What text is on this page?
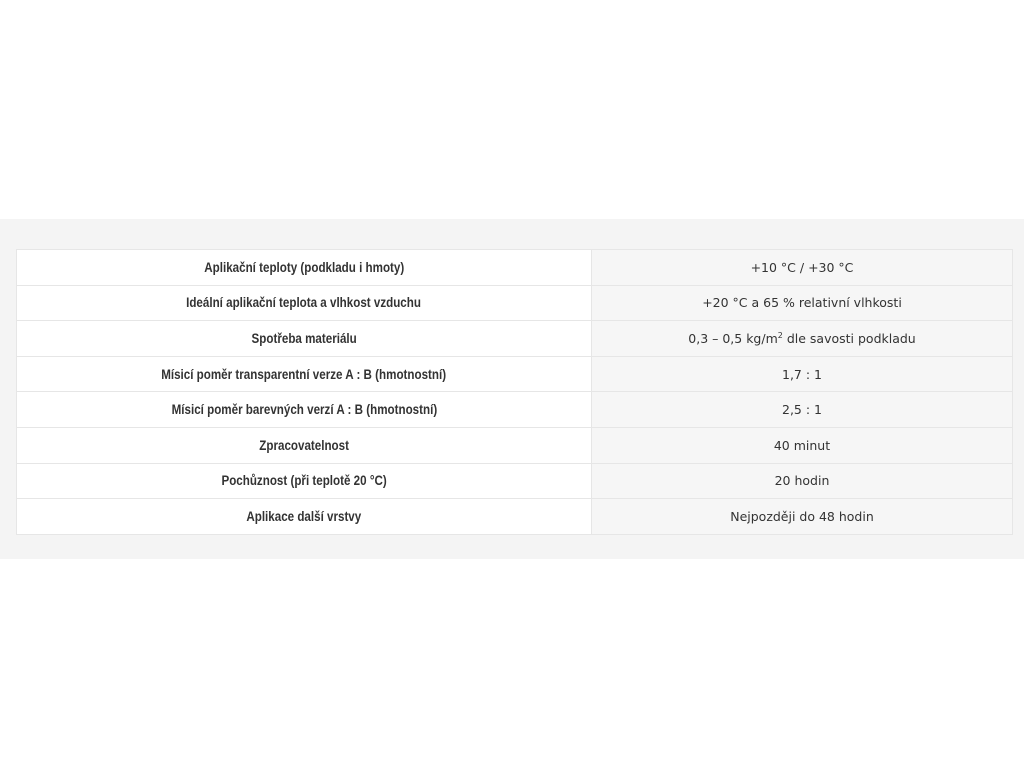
Aplikační teploty (podkladu i hmoty)	+10 °C / +30 °C
Ideální aplikační teplota a vlhkost vzduchu	+20 °C a 65 % relativní vlhkosti
Spotřeba materiálu	0,3 – 0,5 $kg/m^2$ dle savosti podkladu
Mísicí poměr transparentní verze A : B (hmotnostní)	1,7 : 1
Mísicí poměr barevných verzí A : B (hmotnostní)	2,5 : 1
Zpracovatelnost	40 minut
Pochůznost (při teplotě 20 °C)	20 hodin
Aplikace další vrstvy	Nejpozději do 48 hodin
